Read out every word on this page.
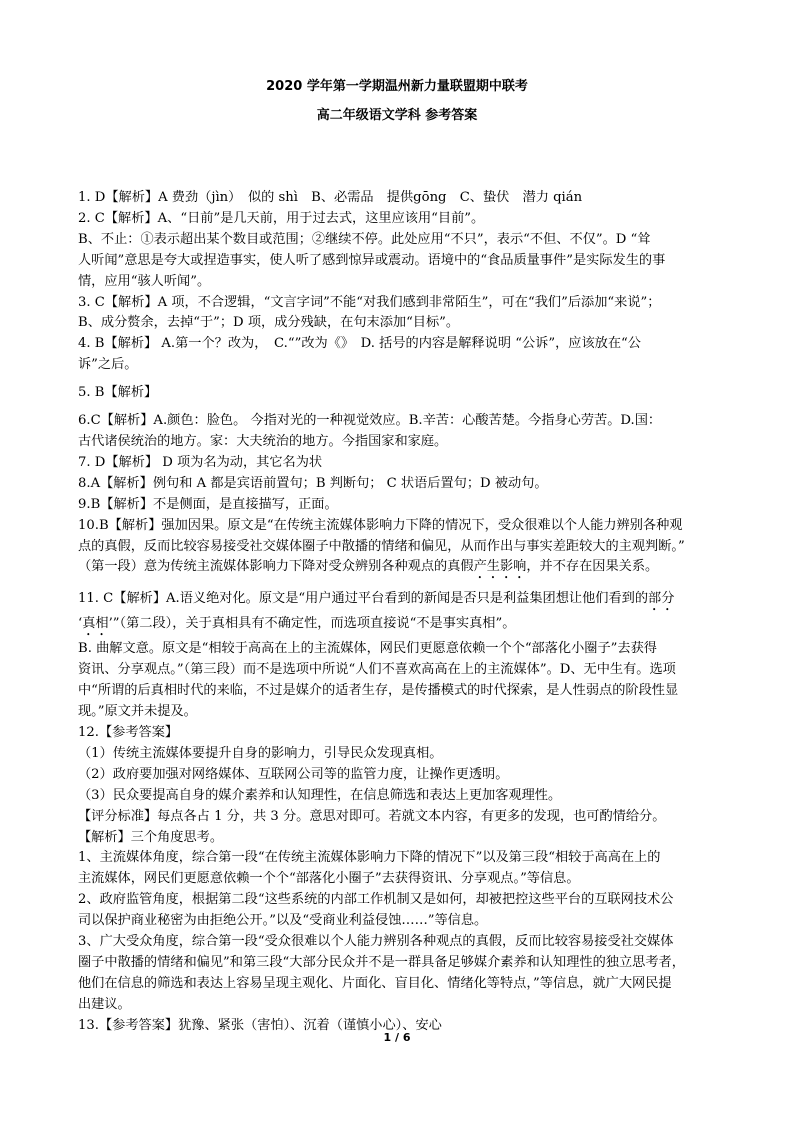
2020 学年第一学期温州新力量联盟期中联考
高二年级语文学科 参考答案

1. D【解析】A 费劲（jìn）　似的 shì　B、必需品　提供gōng　C、蛰伏　潜力 qián

2. C【解析】A、“日前”是几天前，用于过去式，这里应该用“目前”。

B、不止：①表示超出某个数目或范围；②继续不停。此处应用“不只”，表示“不但、不仅”。D “耸

人听闻”意思是夸大或捏造事实，使人听了感到惊异或震动。语境中的“食品质量事件”是实际发生的事

情，应用“骇人听闻”。

3. C【解析】A 项，不合逻辑，“文言字词”不能“对我们感到非常陌生”，可在“我们”后添加“来说”；

B、成分赘余，去掉“于”；D 项，成分残缺，在句末添加“目标”。

4. B【解析】 A.第一个？改为，　C.“”改为《》　D. 括号的内容是解释说明 “公诉”，应该放在“公

诉”之后。

5. B【解析】

6.C【解析】A.颜色：脸色。 今指对光的一种视觉效应。B.辛苦：心酸苦楚。今指身心劳苦。D.国：

古代诸侯统治的地方。家：大夫统治的地方。今指国家和家庭。

7. D【解析】 D 项为名为动，其它名为状

8.A【解析】例句和 A 都是宾语前置句；B 判断句； C 状语后置句；D 被动句。

9.B【解析】不是侧面，是直接描写，正面。

10.B【解析】强加因果。原文是“在传统主流媒体影响力下降的情况下，受众很难以个人能力辨别各种观

点的真假，反而比较容易接受社交媒体圈子中散播的情绪和偏见，从而作出与事实差距较大的主观判断。”

（第一段）意为传统主流媒体影响力下降对受众辨别各种观点的真假产生影响，并不存在因果关系。

11. C【解析】A.语义绝对化。原文是“用户通过平台看到的新闻是否只是利益集团想让他们看到的部分

‘真相’”（第二段），关于真相具有不确定性，而选项直接说“不是事实真相”。

B. 曲解文意。原文是“相较于高高在上的主流媒体，网民们更愿意依赖一个个“部落化小圈子”去获得

资讯、分享观点。”（第三段）而不是选项中所说“人们不喜欢高高在上的主流媒体”。D、无中生有。选项

中“所谓的后真相时代的来临，不过是媒介的适者生存，是传播模式的时代探索，是人性弱点的阶段性显

现。”原文并未提及。

12.【参考答案】

（1）传统主流媒体要提升自身的影响力，引导民众发现真相。

（2）政府要加强对网络媒体、互联网公司等的监管力度，让操作更透明。

（3）民众要提高自身的媒介素养和认知理性，在信息筛选和表达上更加客观理性。

【评分标准】每点各占 1 分，共 3 分。意思对即可。若就文本内容，有更多的发现，也可酌情给分。

【解析】三个角度思考。

1、主流媒体角度，综合第一段“在传统主流媒体影响力下降的情况下”以及第三段“相较于高高在上的

主流媒体，网民们更愿意依赖一个个“部落化小圈子”去获得资讯、分享观点。”等信息。

2、政府监管角度，根据第二段“这些系统的内部工作机制又是如何，却被把控这些平台的互联网技术公

司以保护商业秘密为由拒绝公开。”以及“受商业利益侵蚀……”等信息。

3、广大受众角度，综合第一段“受众很难以个人能力辨别各种观点的真假，反而比较容易接受社交媒体

圈子中散播的情绪和偏见”和第三段“大部分民众并不是一群具备足够媒介素养和认知理性的独立思考者，

他们在信息的筛选和表达上容易呈现主观化、片面化、盲目化、情绪化等特点，”等信息，就广大网民提

出建议。

13.【参考答案】犹豫、紧张（害怕）、沉着（谨慎小心）、安心

1 / 6
